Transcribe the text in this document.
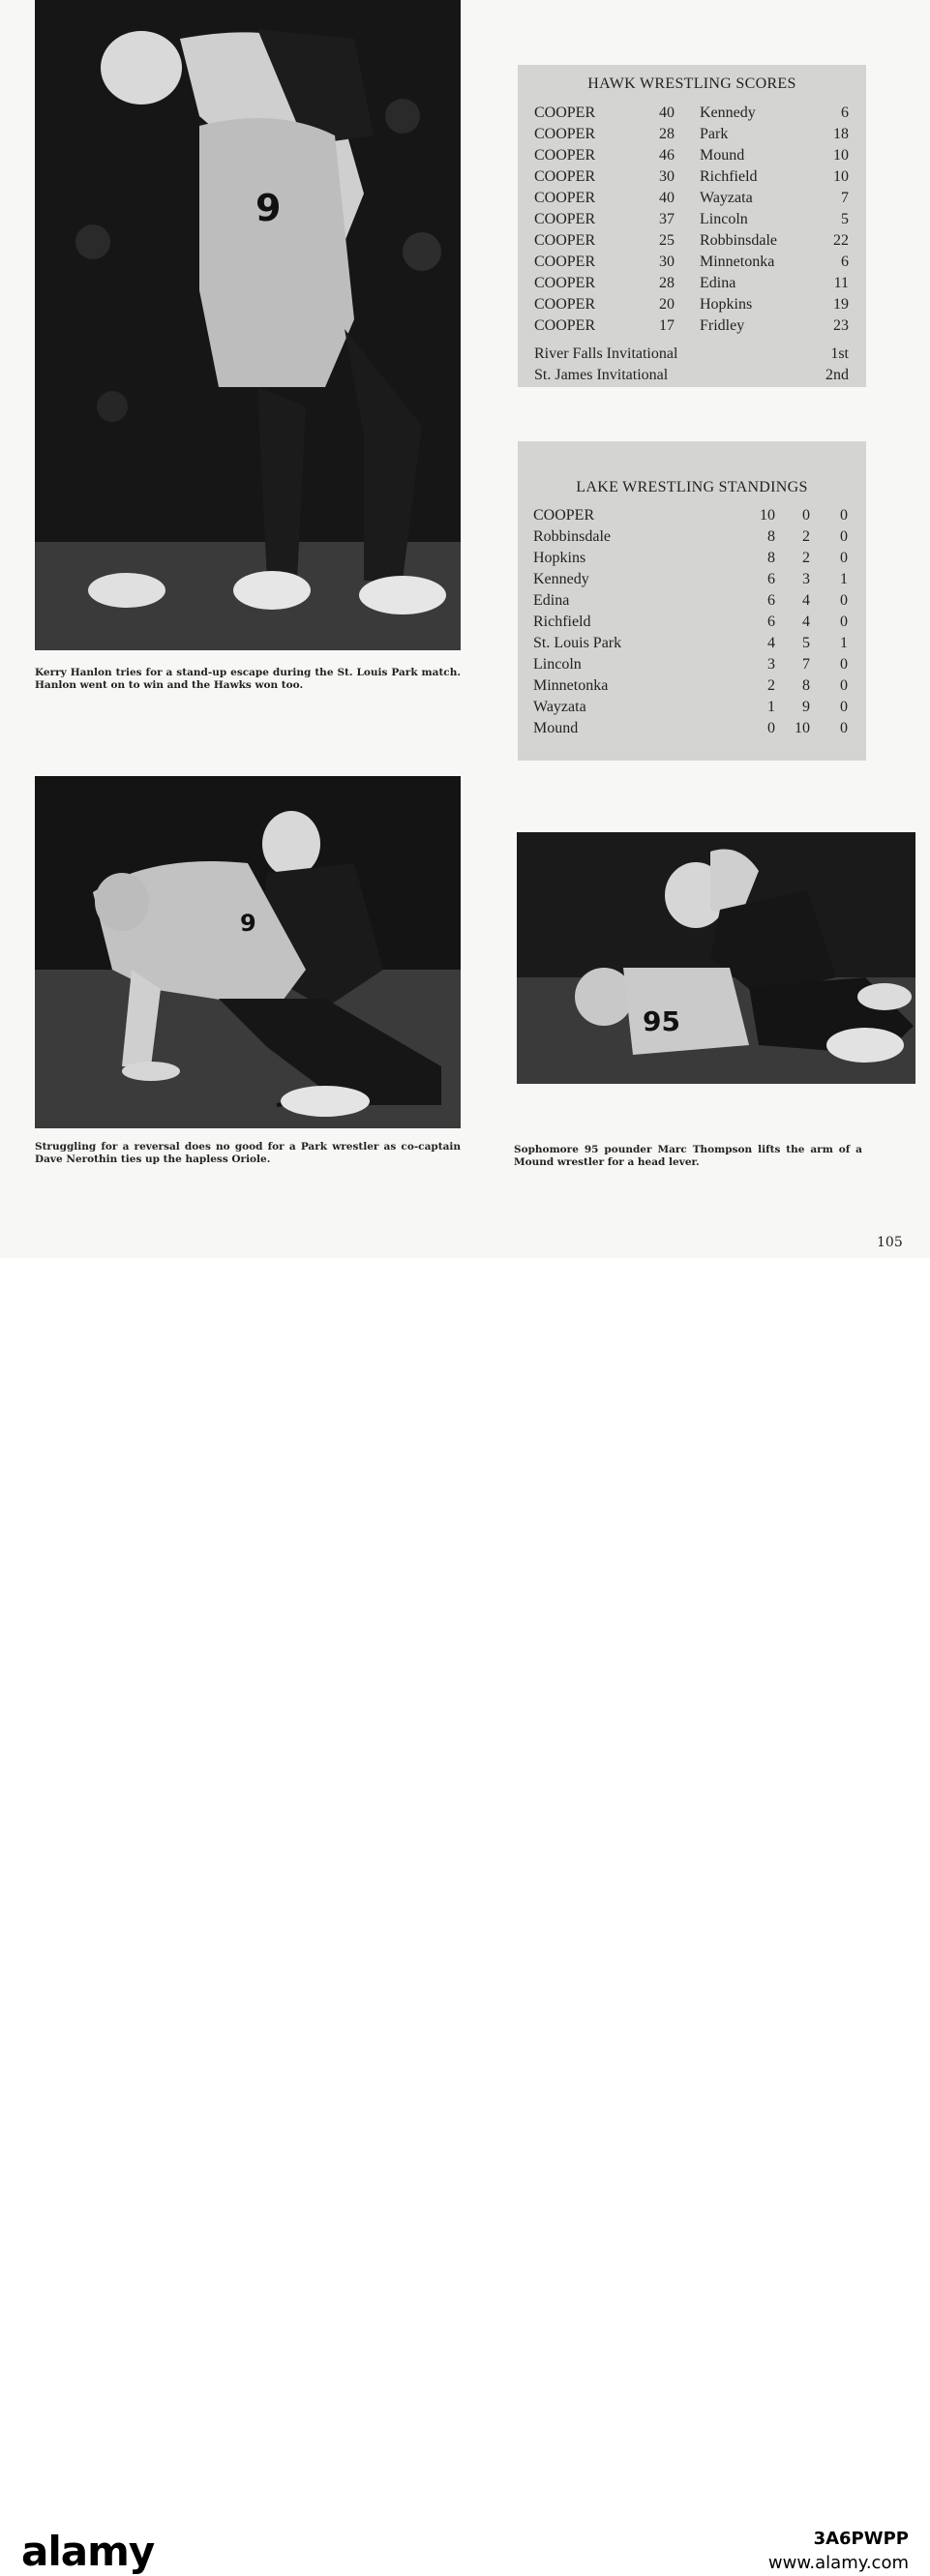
9
Kerry Hanlon tries for a stand-up escape during the St. Louis Park match. Hanlon went on to win and the Hawks won too.
HAWK WRESTLING SCORES
COOPER	40 Kennedy	6
COOPER	28 Park	18
COOPER	46 Mound	10
COOPER	30 Richfield	10
COOPER	40 Wayzata	7
COOPER	37 Lincoln	5
COOPER	25 Robbinsdale	22
COOPER	30 Minnetonka	6
COOPER	28 Edina	11
COOPER	20 Hopkins	19
COOPER	17 Fridley	23
River Falls Invitational	1st
St. James Invitational	2nd
LAKE WRESTLING STANDINGS
COOPER	10	0	0
Robbinsdale	8	2	0
Hopkins	8	2	0
Kennedy	6	3	1
Edina	6	4	0
Richfield	6	4	0
St. Louis Park	4	5	1
Lincoln	3	7	0
Minnetonka	2	8	0
Wayzata	1	9	0
Mound	0	10	0
9
Struggling for a reversal does no good for a Park wrestler as co-captain Dave Nerothin ties up the hapless Oriole.
95
Sophomore 95 pounder Marc Thompson lifts the arm of a Mound wrestler for a head lever.
105
alamy	3A6PWPP
www.alamy.com
